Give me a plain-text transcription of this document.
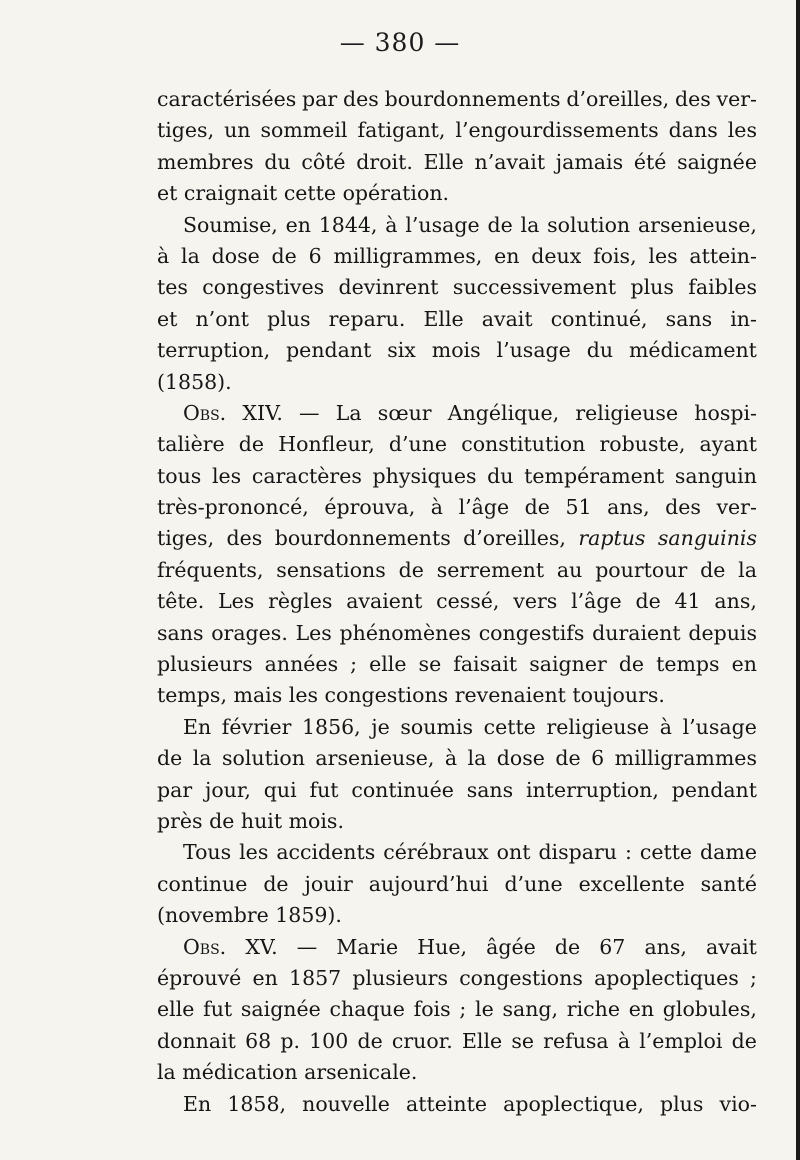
— 380 —
caractérisées par des bourdonnements d’oreilles, des ver-
tiges, un sommeil fatigant, l’engourdissements dans les
membres du côté droit. Elle n’avait jamais été saignée
et craignait cette opération.
Soumise, en 1844, à l’usage de la solution arsenieuse,
à la dose de 6 milligrammes, en deux fois, les attein-
tes congestives devinrent successivement plus faibles
et n’ont plus reparu. Elle avait continué, sans in-
terruption, pendant six mois l’usage du médicament
(1858).
Obs. XIV. — La sœur Angélique, religieuse hospi-
talière de Honfleur, d’une constitution robuste, ayant
tous les caractères physiques du tempérament sanguin
très-prononcé, éprouva, à l’âge de 51 ans, des ver-
tiges, des bourdonnements d’oreilles, raptus sanguinis
fréquents, sensations de serrement au pourtour de la
tête. Les règles avaient cessé, vers l’âge de 41 ans,
sans orages. Les phénomènes congestifs duraient depuis
plusieurs années ; elle se faisait saigner de temps en
temps, mais les congestions revenaient toujours.
En février 1856, je soumis cette religieuse à l’usage
de la solution arsenieuse, à la dose de 6 milligrammes
par jour, qui fut continuée sans interruption, pendant
près de huit mois.
Tous les accidents cérébraux ont disparu : cette dame
continue de jouir aujourd’hui d’une excellente santé
(novembre 1859).
Obs. XV. — Marie Hue, âgée de 67 ans, avait
éprouvé en 1857 plusieurs congestions apoplectiques ;
elle fut saignée chaque fois ; le sang, riche en globules,
donnait 68 p. 100 de cruor. Elle se refusa à l’emploi de
la médication arsenicale.
En 1858, nouvelle atteinte apoplectique, plus vio-
